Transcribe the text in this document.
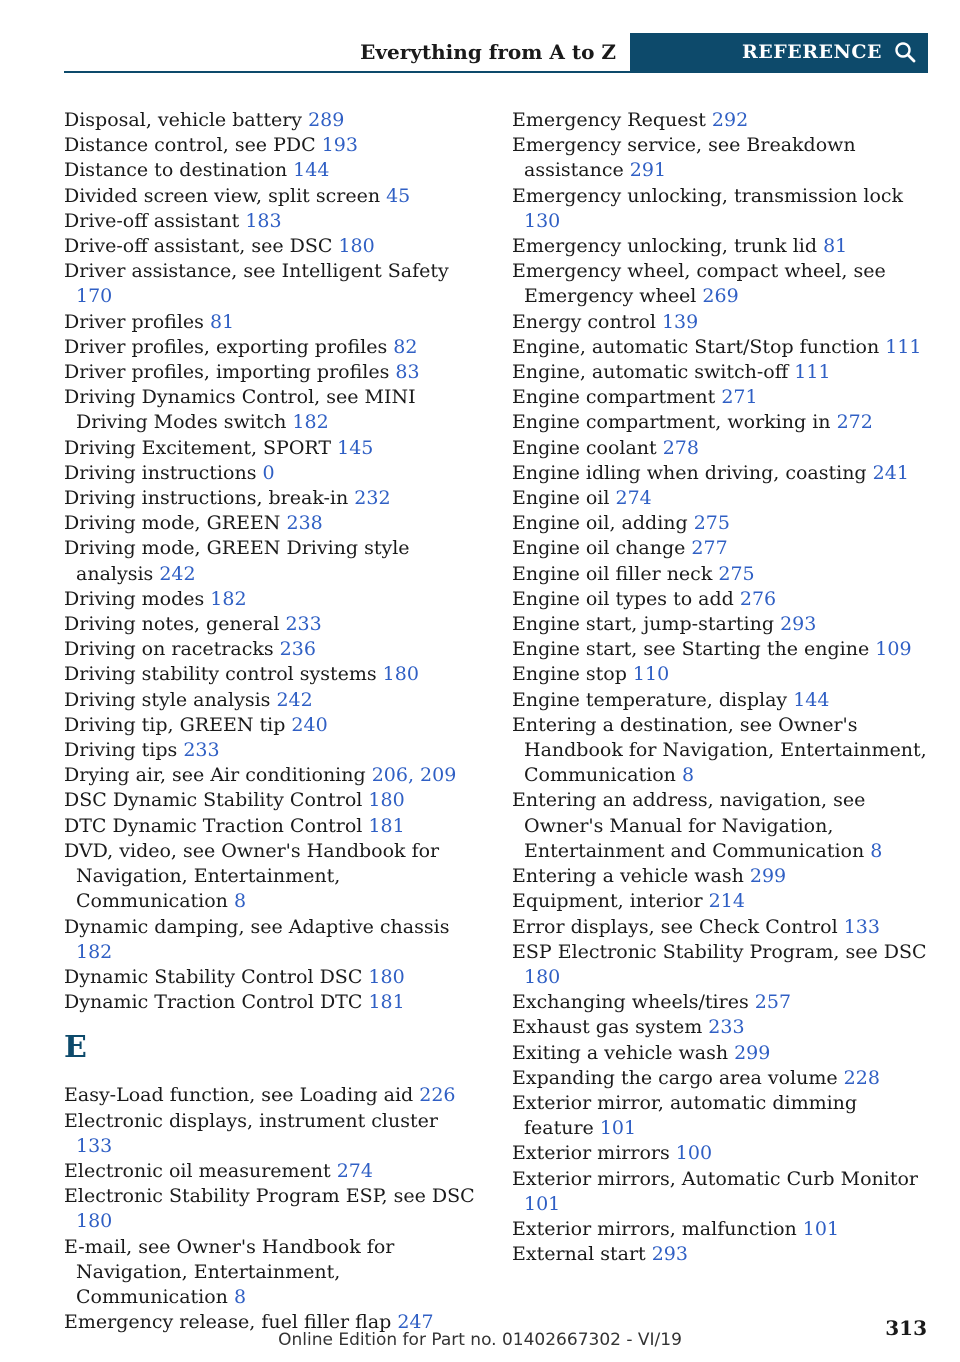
Everything from A to Z	REFERENCE

Disposal, vehicle battery 289

Distance control, see PDC 193

Distance to destination 144

Divided screen view, split screen 45

Drive-off assistant 183

Drive-off assistant, see DSC 180

Driver assistance, see Intelligent Safety 170

Driver profiles 81

Driver profiles, exporting profiles 82

Driver profiles, importing profiles 83

Driving Dynamics Control, see MINI Driving Modes switch 182

Driving Excitement, SPORT 145

Driving instructions 0

Driving instructions, break-in 232

Driving mode, GREEN 238

Driving mode, GREEN Driving style analysis 242

Driving modes 182

Driving notes, general 233

Driving on racetracks 236

Driving stability control systems 180

Driving style analysis 242

Driving tip, GREEN tip 240

Driving tips 233

Drying air, see Air conditioning 206, 209

DSC Dynamic Stability Control 180

DTC Dynamic Traction Control 181

DVD, video, see Owner's Handbook for Navigation, Entertainment, Communication 8

Dynamic damping, see Adaptive chassis 182

Dynamic Stability Control DSC 180

Dynamic Traction Control DTC 181

E

Easy-Load function, see Loading aid 226

Electronic displays, instrument cluster 133

Electronic oil measurement 274

Electronic Stability Program ESP, see DSC 180

E-mail, see Owner's Handbook for Navigation, Entertainment, Communication 8

Emergency release, fuel filler flap 247

Emergency Request 292

Emergency service, see Breakdown assistance 291

Emergency unlocking, transmission lock 130

Emergency unlocking, trunk lid 81

Emergency wheel, compact wheel, see Emergency wheel 269

Energy control 139

Engine, automatic Start/Stop function 111

Engine, automatic switch-off 111

Engine compartment 271

Engine compartment, working in 272

Engine coolant 278

Engine idling when driving, coasting 241

Engine oil 274

Engine oil, adding 275

Engine oil change 277

Engine oil filler neck 275

Engine oil types to add 276

Engine start, jump-starting 293

Engine start, see Starting the engine 109

Engine stop 110

Engine temperature, display 144

Entering a destination, see Owner's Handbook for Navigation, Entertainment, Communication 8

Entering an address, navigation, see Owner's Manual for Navigation, Entertainment and Communication 8

Entering a vehicle wash 299

Equipment, interior 214

Error displays, see Check Control 133

ESP Electronic Stability Program, see DSC 180

Exchanging wheels/tires 257

Exhaust gas system 233

Exiting a vehicle wash 299

Expanding the cargo area volume 228

Exterior mirror, automatic dimming feature 101

Exterior mirrors 100

Exterior mirrors, Automatic Curb Monitor 101

Exterior mirrors, malfunction 101

External start 293

313
Online Edition for Part no. 01402667302 - VI/19
